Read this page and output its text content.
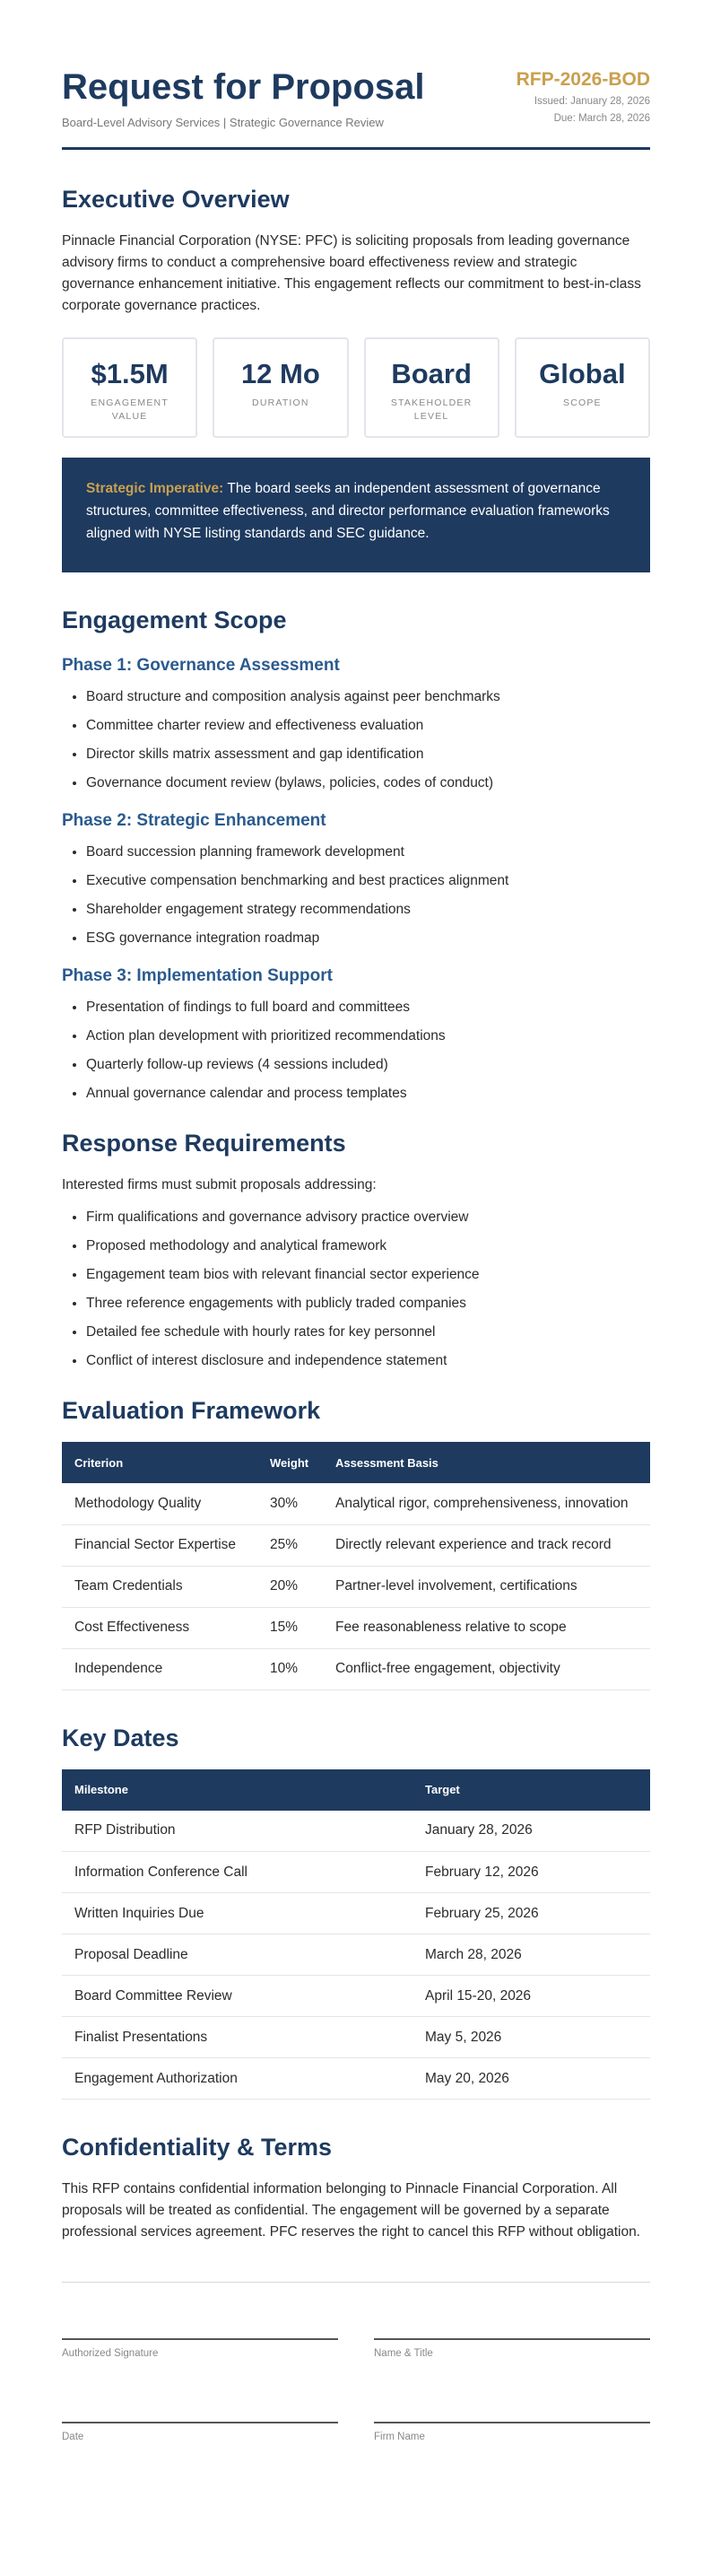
Request for Proposal
Board-Level Advisory Services | Strategic Governance Review
RFP-2026-BOD
Issued: January 28, 2026
Due: March 28, 2026
Executive Overview

Pinnacle Financial Corporation (NYSE: PFC) is soliciting proposals from leading governance advisory firms to conduct a comprehensive board effectiveness review and strategic governance enhancement initiative. This engagement reflects our commitment to best-in-class corporate governance practices.

$1.5M
ENGAGEMENT VALUE
12 Mo
DURATION
Board
STAKEHOLDER LEVEL
Global
SCOPE
Strategic Imperative: The board seeks an independent assessment of governance structures, committee effectiveness, and director performance evaluation frameworks aligned with NYSE listing standards and SEC guidance.
Engagement Scope
Phase 1: Governance Assessment
• Board structure and composition analysis against peer benchmarks
• Committee charter review and effectiveness evaluation
• Director skills matrix assessment and gap identification
• Governance document review (bylaws, policies, codes of conduct)
Phase 2: Strategic Enhancement
• Board succession planning framework development
• Executive compensation benchmarking and best practices alignment
• Shareholder engagement strategy recommendations
• ESG governance integration roadmap
Phase 3: Implementation Support
• Presentation of findings to full board and committees
• Action plan development with prioritized recommendations
• Quarterly follow-up reviews (4 sessions included)
• Annual governance calendar and process templates
Response Requirements

Interested firms must submit proposals addressing:

• Firm qualifications and governance advisory practice overview
• Proposed methodology and analytical framework
• Engagement team bios with relevant financial sector experience
• Three reference engagements with publicly traded companies
• Detailed fee schedule with hourly rates for key personnel
• Conflict of interest disclosure and independence statement
Evaluation Framework
Criterion	Weight	Assessment Basis
Methodology Quality	30%	Analytical rigor, comprehensiveness, innovation
Financial Sector Expertise	25%	Directly relevant experience and track record
Team Credentials	20%	Partner-level involvement, certifications
Cost Effectiveness	15%	Fee reasonableness relative to scope
Independence	10%	Conflict-free engagement, objectivity
Key Dates
Milestone	Target
RFP Distribution	January 28, 2026
Information Conference Call	February 12, 2026
Written Inquiries Due	February 25, 2026
Proposal Deadline	March 28, 2026
Board Committee Review	April 15-20, 2026
Finalist Presentations	May 5, 2026
Engagement Authorization	May 20, 2026
Confidentiality & Terms

This RFP contains confidential information belonging to Pinnacle Financial Corporation. All proposals will be treated as confidential. The engagement will be governed by a separate professional services agreement. PFC reserves the right to cancel this RFP without obligation.

Authorized Signature	Name & Title
Date	Firm Name
